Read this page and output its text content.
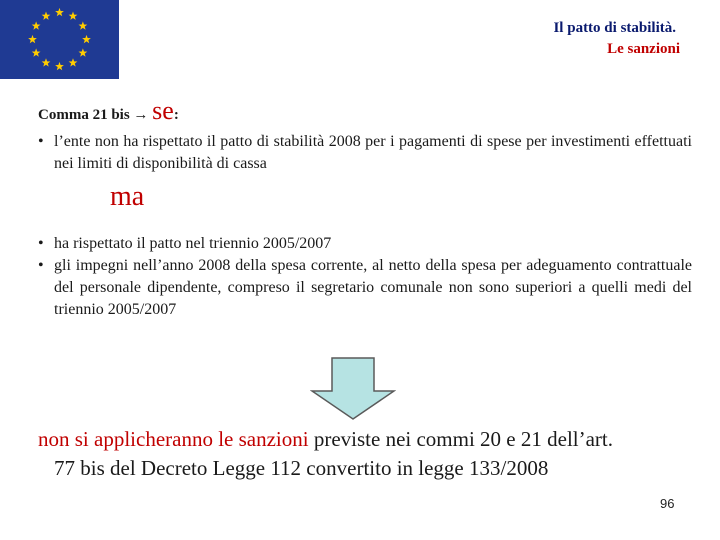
Il patto di stabilità.
Le sanzioni
Comma 21 bis → se:
• l’ente non ha rispettato il patto di stabilità 2008 per i pagamenti di spese per investimenti effettuati nei limiti di disponibilità di cassa
ma
• ha rispettato il patto nel triennio 2005/2007
• gli impegni nell’anno 2008 della spesa corrente, al netto della spesa per adeguamento contrattuale del personale dipendente, compreso il segretario comunale non sono superiori a quelli medi del triennio 2005/2007
non si applicheranno le sanzioni previste nei commi 20 e 21 dell’art.
77 bis del Decreto Legge 112 convertito in legge 133/2008
96
